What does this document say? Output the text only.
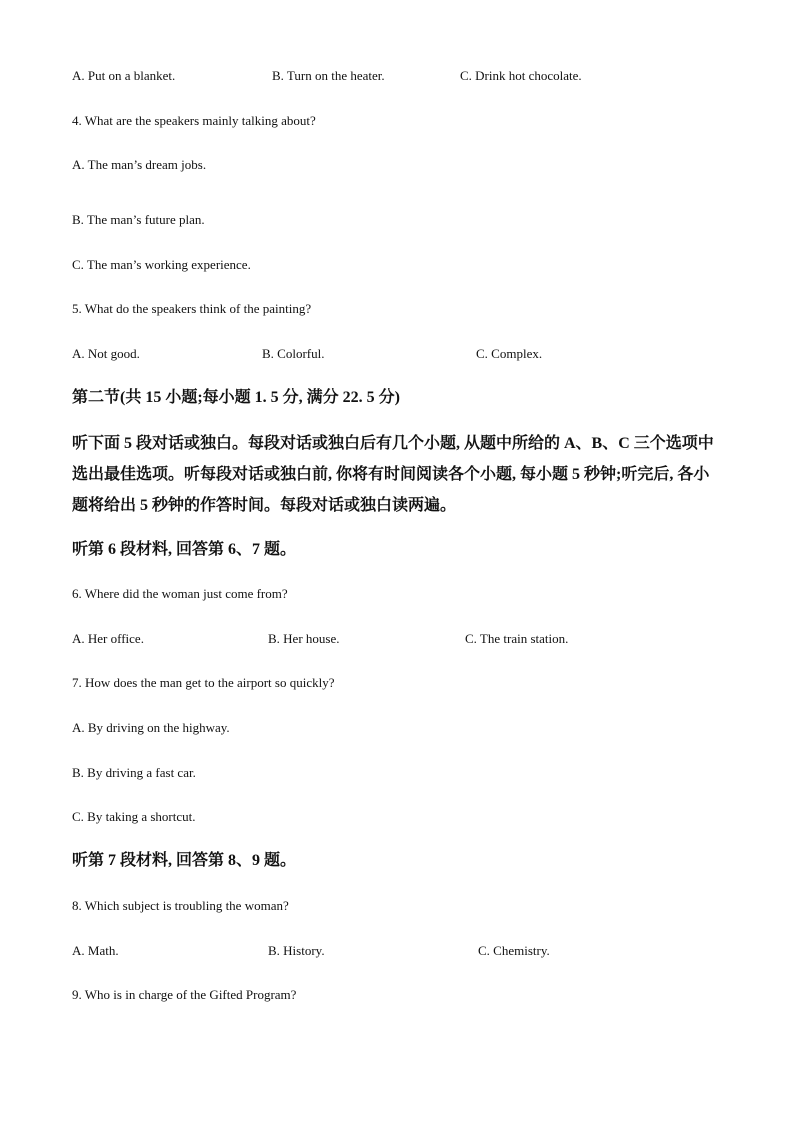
A. Put on a blanket.	B. Turn on the heater.	C. Drink hot chocolate.
4. What are the speakers mainly talking about?
A. The man’s dream jobs.
B. The man’s future plan.
C. The man’s working experience.
5. What do the speakers think of the painting?
A. Not good.	B. Colorful.	C. Complex.
第二节(共 15 小题;每小题 1. 5 分, 满分 22. 5 分)
听下面 5 段对话或独白。每段对话或独白后有几个小题, 从题中所给的 A、B、C 三个选项中
选出最佳选项。听每段对话或独白前, 你将有时间阅读各个小题, 每小题 5 秒钟;听完后, 各小
题将给出 5 秒钟的作答时间。每段对话或独白读两遍。
听第 6 段材料, 回答第 6、7 题。
6. Where did the woman just come from?
A. Her office.	B. Her house.	C. The train station.
7. How does the man get to the airport so quickly?
A. By driving on the highway.
B. By driving a fast car.
C. By taking a shortcut.
听第 7 段材料, 回答第 8、9 题。
8. Which subject is troubling the woman?
A. Math.	B. History.	C. Chemistry.
9. Who is in charge of the Gifted Program?
